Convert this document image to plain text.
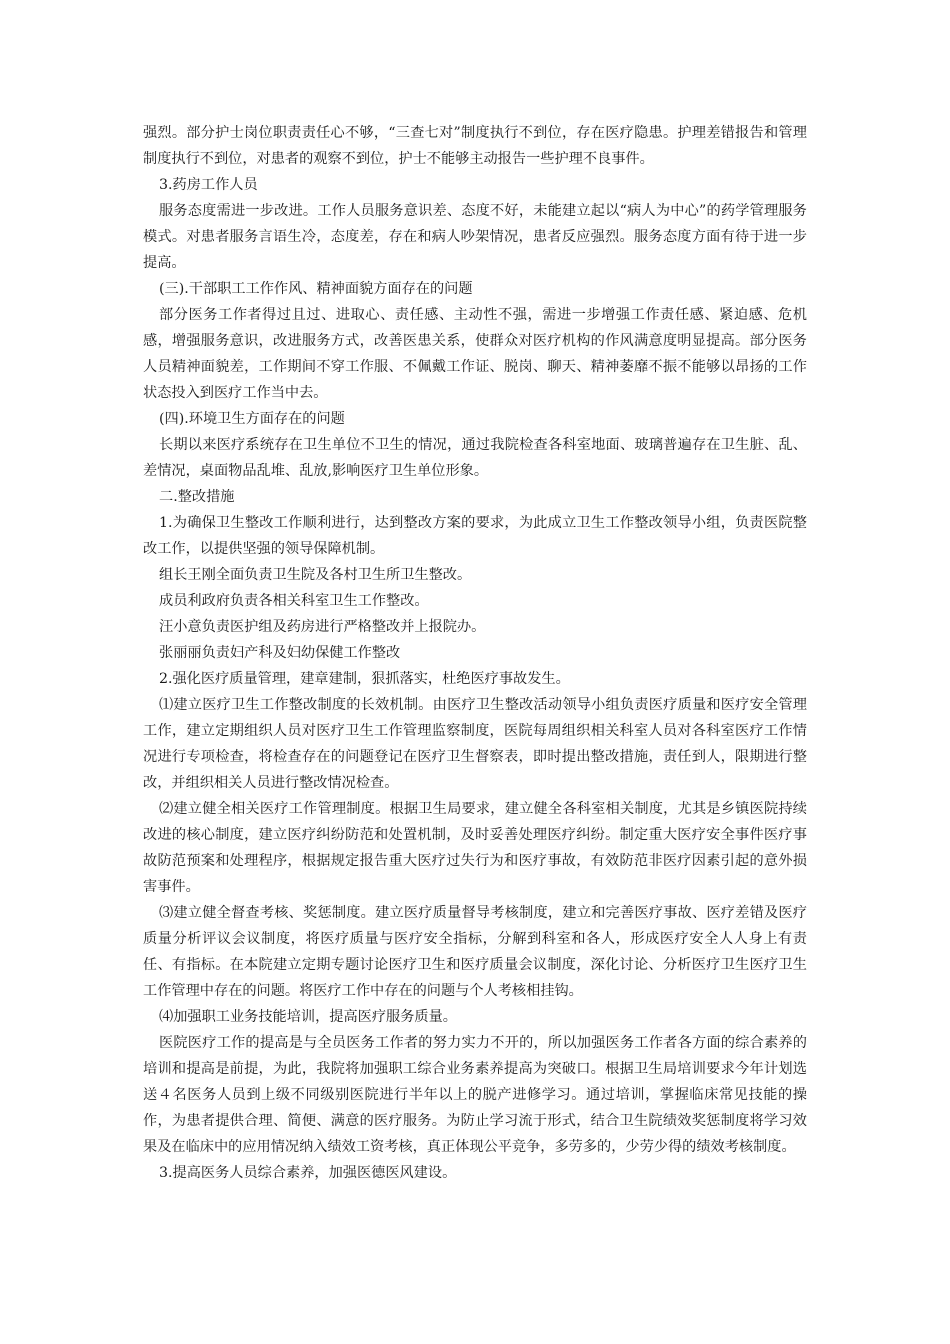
强烈。部分护士岗位职责责任心不够，“三查七对”制度执行不到位，存在医疗隐患。护理差错报告和管理制度执行不到位，对患者的观察不到位，护士不能够主动报告一些护理不良事件。

3.药房工作人员

服务态度需进一步改进。工作人员服务意识差、态度不好，未能建立起以“病人为中心”的药学管理服务模式。对患者服务言语生冷，态度差，存在和病人吵架情况，患者反应强烈。服务态度方面有待于进一步提高。

(三).干部职工工作作风、精神面貌方面存在的问题

部分医务工作者得过且过、进取心、责任感、主动性不强，需进一步增强工作责任感、紧迫感、危机感，增强服务意识，改进服务方式，改善医患关系，使群众对医疗机构的作风满意度明显提高。部分医务人员精神面貌差，工作期间不穿工作服、不佩戴工作证、脱岗、聊天、精神萎靡不振不能够以昂扬的工作状态投入到医疗工作当中去。

(四).环境卫生方面存在的问题

长期以来医疗系统存在卫生单位不卫生的情况，通过我院检查各科室地面、玻璃普遍存在卫生脏、乱、差情况，桌面物品乱堆、乱放,影响医疗卫生单位形象。

二.整改措施

1.为确保卫生整改工作顺利进行，达到整改方案的要求，为此成立卫生工作整改领导小组，负责医院整改工作，以提供坚强的领导保障机制。

组长王刚全面负责卫生院及各村卫生所卫生整改。

成员利政府负责各相关科室卫生工作整改。

汪小意负责医护组及药房进行严格整改并上报院办。

张丽丽负责妇产科及妇幼保健工作整改

2.强化医疗质量管理，建章建制，狠抓落实，杜绝医疗事故发生。

⑴建立医疗卫生工作整改制度的长效机制。由医疗卫生整改活动领导小组负责医疗质量和医疗安全管理工作，建立定期组织人员对医疗卫生工作管理监察制度，医院每周组织相关科室人员对各科室医疗工作情况进行专项检查，将检查存在的问题登记在医疗卫生督察表，即时提出整改措施，责任到人，限期进行整改，并组织相关人员进行整改情况检查。

⑵建立健全相关医疗工作管理制度。根据卫生局要求，建立健全各科室相关制度，尤其是乡镇医院持续改进的核心制度，建立医疗纠纷防范和处置机制，及时妥善处理医疗纠纷。制定重大医疗安全事件医疗事故防范预案和处理程序，根据规定报告重大医疗过失行为和医疗事故，有效防范非医疗因素引起的意外损害事件。

⑶建立健全督查考核、奖惩制度。建立医疗质量督导考核制度，建立和完善医疗事故、医疗差错及医疗质量分析评议会议制度，将医疗质量与医疗安全指标，分解到科室和各人，形成医疗安全人人身上有责任、有指标。在本院建立定期专题讨论医疗卫生和医疗质量会议制度，深化讨论、分析医疗卫生医疗卫生工作管理中存在的问题。将医疗工作中存在的问题与个人考核相挂钩。

⑷加强职工业务技能培训，提高医疗服务质量。

医院医疗工作的提高是与全员医务工作者的努力实力不开的，所以加强医务工作者各方面的综合素养的培训和提高是前提，为此，我院将加强职工综合业务素养提高为突破口。根据卫生局培训要求今年计划选送４名医务人员到上级不同级别医院进行半年以上的脱产进修学习。通过培训，掌握临床常见技能的操作，为患者提供合理、简便、满意的医疗服务。为防止学习流于形式，结合卫生院绩效奖惩制度将学习效果及在临床中的应用情况纳入绩效工资考核，真正体现公平竞争，多劳多的，少劳少得的绩效考核制度。

3.提高医务人员综合素养，加强医德医风建设。
